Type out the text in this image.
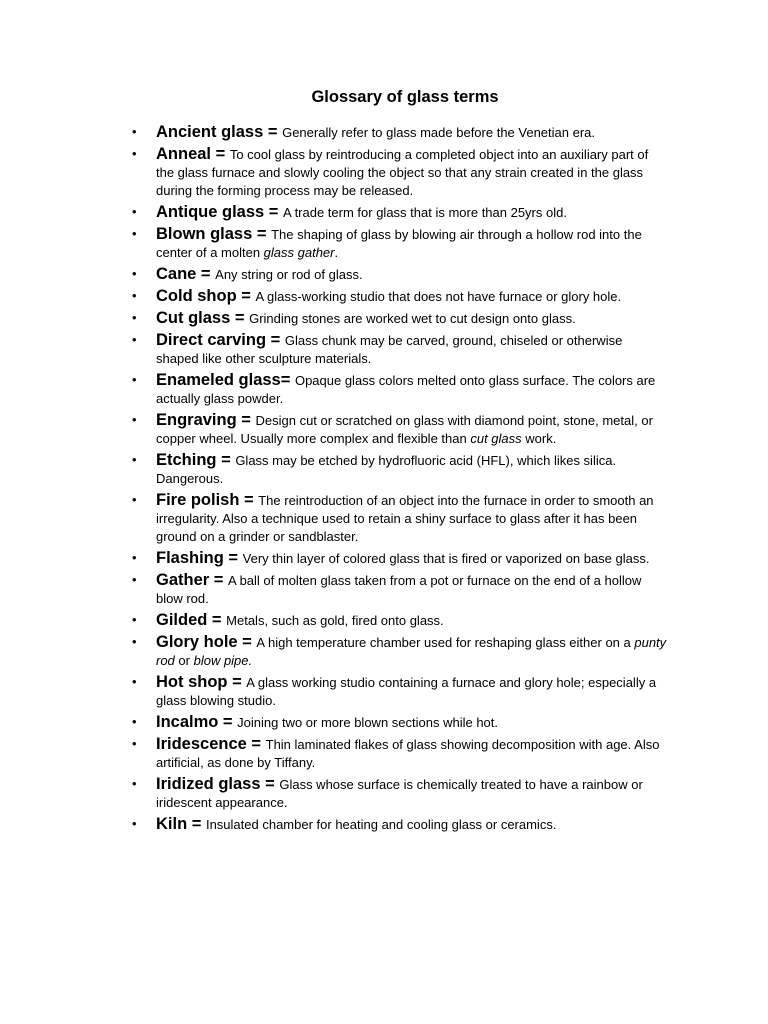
Glossary of glass terms
• Ancient glass = Generally refer to glass made before the Venetian era.
• Anneal = To cool glass by reintroducing a completed object into an auxiliary part of the glass furnace and slowly cooling the object so that any strain created in the glass during the forming process may be released.
• Antique glass = A trade term for glass that is more than 25yrs old.
• Blown glass = The shaping of glass by blowing air through a hollow rod into the center of a molten glass gather.
• Cane = Any string or rod of glass.
• Cold shop = A glass-working studio that does not have furnace or glory hole.
• Cut glass = Grinding stones are worked wet to cut design onto glass.
• Direct carving = Glass chunk may be carved, ground, chiseled or otherwise shaped like other sculpture materials.
• Enameled glass= Opaque glass colors melted onto glass surface. The colors are actually glass powder.
• Engraving = Design cut or scratched on glass with diamond point, stone, metal, or copper wheel. Usually more complex and flexible than cut glass work.
• Etching = Glass may be etched by hydrofluoric acid (HFL), which likes silica. Dangerous.
• Fire polish = The reintroduction of an object into the furnace in order to smooth an irregularity. Also a technique used to retain a shiny surface to glass after it has been ground on a grinder or sandblaster.
• Flashing = Very thin layer of colored glass that is fired or vaporized on base glass.
• Gather = A ball of molten glass taken from a pot or furnace on the end of a hollow blow rod.
• Gilded = Metals, such as gold, fired onto glass.
• Glory hole = A high temperature chamber used for reshaping glass either on a punty rod or blow pipe.
• Hot shop = A glass working studio containing a furnace and glory hole; especially a glass blowing studio.
• Incalmo = Joining two or more blown sections while hot.
• Iridescence = Thin laminated flakes of glass showing decomposition with age. Also artificial, as done by Tiffany.
• Iridized glass = Glass whose surface is chemically treated to have a rainbow or iridescent appearance.
• Kiln = Insulated chamber for heating and cooling glass or ceramics.
